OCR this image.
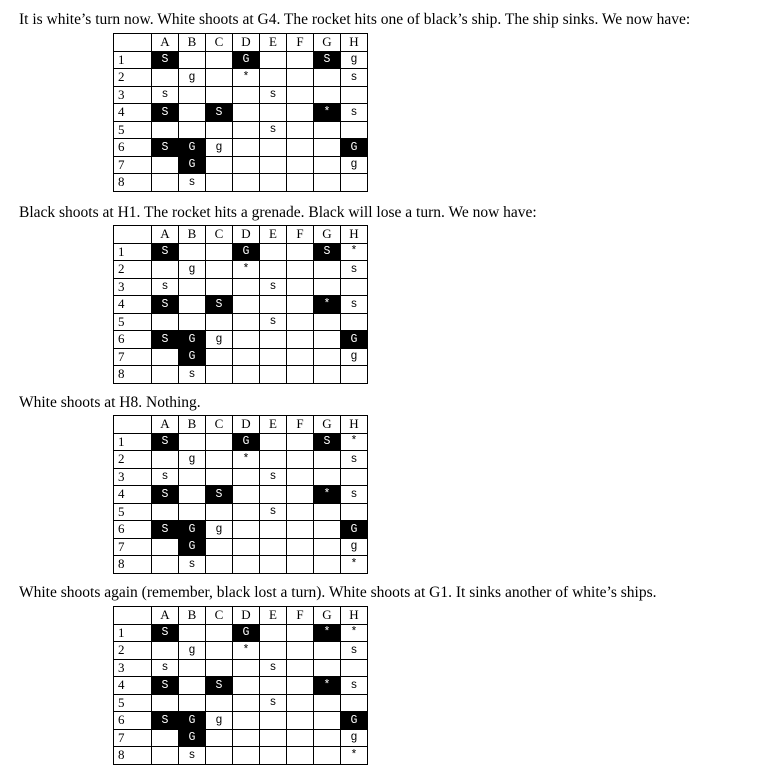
It is white’s turn now. White shoots at G4. The rocket hits one of black’s ship. The ship sinks. We now have:
	A	B	C	D	E	F	G	H
1	S			G			S	g
2		g		*				s
3	s				s			
4	S		S				*	s
5					s			
6	S	G	g					G
7		G						g
8		s						
Black shoots at H1. The rocket hits a grenade. Black will lose a turn. We now have:
	A	B	C	D	E	F	G	H
1	S			G			S	*
2		g		*				s
3	s				s			
4	S		S				*	s
5					s			
6	S	G	g					G
7		G						g
8		s						
White shoots at H8. Nothing.
	A	B	C	D	E	F	G	H
1	S			G			S	*
2		g		*				s
3	s				s			
4	S		S				*	s
5					s			
6	S	G	g					G
7		G						g
8		s						*
White shoots again (remember, black lost a turn). White shoots at G1. It sinks another of white’s ships.
	A	B	C	D	E	F	G	H
1	S			G			*	*
2		g		*				s
3	s				s			
4	S		S				*	s
5					s			
6	S	G	g					G
7		G						g
8		s						*
